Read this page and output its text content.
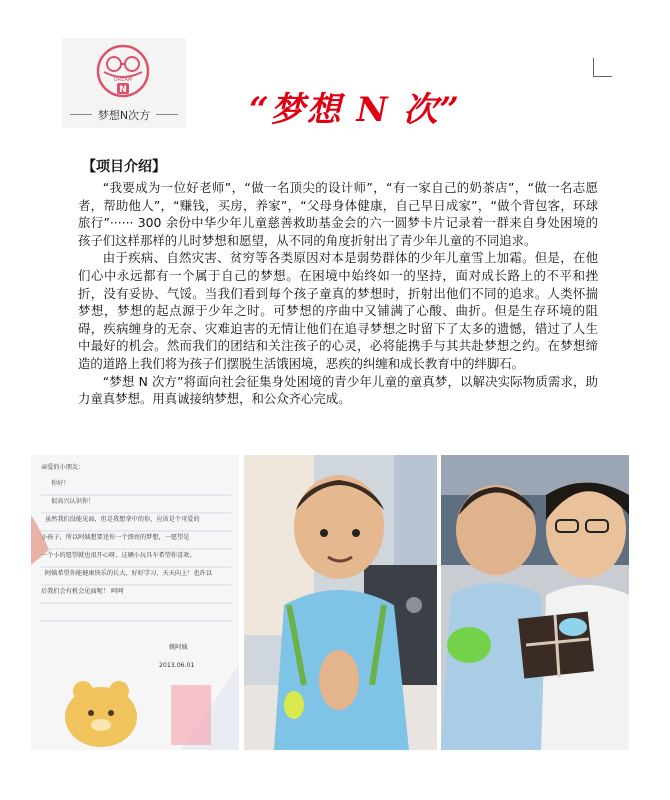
DREAM
N
梦想N次方	“梦想 N 次”
【项目介绍】

“我要成为一位好老师”，“做一名顶尖的设计师”，“有一家自己的奶茶店”，“做一名志愿者，帮助他人”，“赚钱，买房，养家”，“父母身体健康，自己早日成家”，“做个背包客，环球旅行”······ 300 余份中华少年儿童慈善救助基金会的六一圆梦卡片记录着一群来自身处困境的孩子们这样那样的儿时梦想和愿望，从不同的角度折射出了青少年儿童的不同追求。

由于疾病、自然灾害、贫穷等各类原因对本是弱势群体的少年儿童雪上加霜。但是，在他们心中永远都有一个属于自己的梦想。在困境中始终如一的坚持，面对成长路上的不平和挫折，没有妥协、气馁。当我们看到每个孩子童真的梦想时，折射出他们不同的追求。人类怀揣梦想，梦想的起点源于少年之时。可梦想的序曲中又铺满了心酸、曲折。但是生存环境的阻碍，疾病缠身的无奈、灾难迫害的无情让他们在追寻梦想之时留下了太多的遗憾，错过了人生中最好的机会。然而我们的团结和关注孩子的心灵，必将能携手与其共赴梦想之约。在梦想缔造的道路上我们将为孩子们摆脱生活饿困境，恶疾的纠缠和成长教育中的绊脚石。

“梦想 N 次方”将面向社会征集身处困境的青少年儿童的童真梦，以解决实际物质需求，助力童真梦想。用真诚接纳梦想，和公众齐心完成。

亲爱的小朋友：
你好！
很高兴认识你！
虽然我们没能见面，但是我想拿中的你，应该是个可爱的
小孩子，所以阿姨想要送你一个漂亮的梦想，一愿望是
一个小的愿望就也很开心呀。这辆小玩具车希望你喜欢。
阿姨希望你能健康快乐的长大，好好学习，天天向上！也许以
后我们会有机会见面呢！ 呵呵
姚阿姨
2013.06.01
